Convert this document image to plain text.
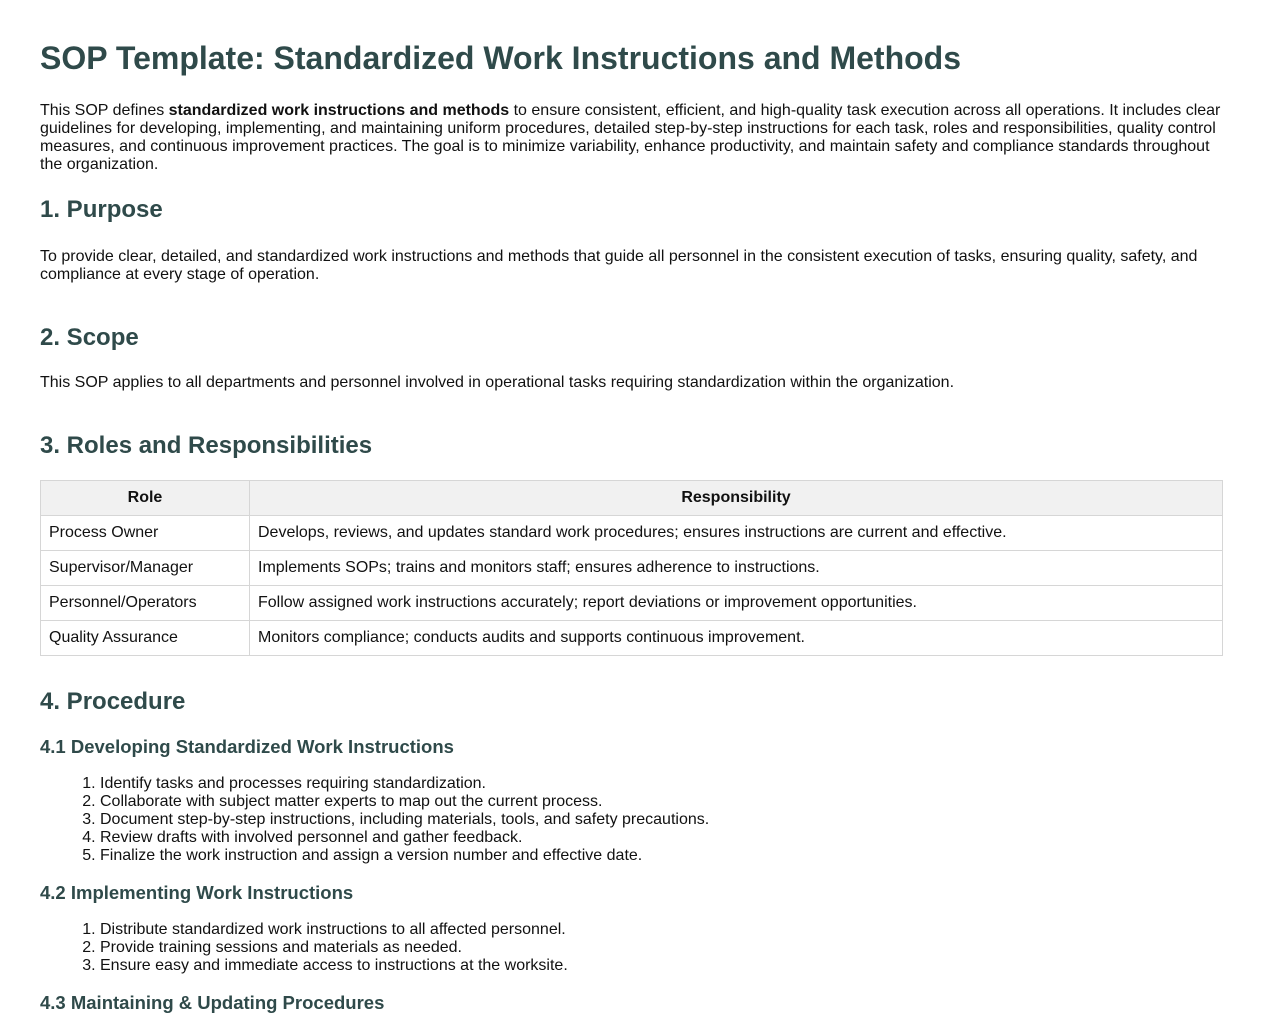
SOP Template: Standardized Work Instructions and Methods

This SOP defines standardized work instructions and methods to ensure consistent, efficient, and high-quality task execution across all operations. It includes clear guidelines for developing, implementing, and maintaining uniform procedures, detailed step-by-step instructions for each task, roles and responsibilities, quality control measures, and continuous improvement practices. The goal is to minimize variability, enhance productivity, and maintain safety and compliance standards throughout the organization.

1. Purpose

To provide clear, detailed, and standardized work instructions and methods that guide all personnel in the consistent execution of tasks, ensuring quality, safety, and compliance at every stage of operation.

2. Scope

This SOP applies to all departments and personnel involved in operational tasks requiring standardization within the organization.

3. Roles and Responsibilities
Role	Responsibility
Process Owner	Develops, reviews, and updates standard work procedures; ensures instructions are current and effective.
Supervisor/Manager	Implements SOPs; trains and monitors staff; ensures adherence to instructions.
Personnel/Operators	Follow assigned work instructions accurately; report deviations or improvement opportunities.
Quality Assurance	Monitors compliance; conducts audits and supports continuous improvement.
4. Procedure
4.1 Developing Standardized Work Instructions
1. Identify tasks and processes requiring standardization.
2. Collaborate with subject matter experts to map out the current process.
3. Document step-by-step instructions, including materials, tools, and safety precautions.
4. Review drafts with involved personnel and gather feedback.
5. Finalize the work instruction and assign a version number and effective date.
4.2 Implementing Work Instructions
1. Distribute standardized work instructions to all affected personnel.
2. Provide training sessions and materials as needed.
3. Ensure easy and immediate access to instructions at the worksite.
4.3 Maintaining & Updating Procedures
